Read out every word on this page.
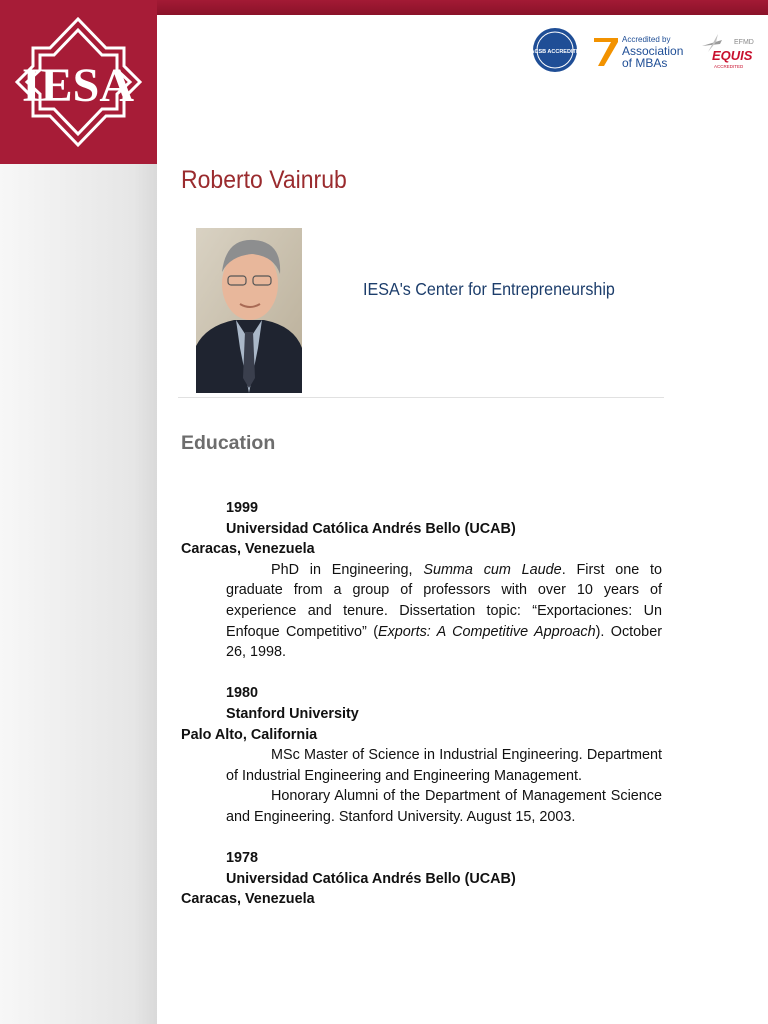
IESA
AACSB ACCREDITED
Accredited by
Association
of MBAs
EFMD
EQUIS
ACCREDITED
Roberto Vainrub
IESA's Center for Entrepreneurship
Education
1999
Universidad Católica Andrés Bello (UCAB)
Caracas, Venezuela
PhD in Engineering, Summa cum Laude. First one to graduate from a group of professors with over 10 years of experience and tenure. Dissertation topic: “Exportaciones: Un Enfoque Competitivo” (Exports: A Competitive Approach). October 26, 1998.
1980
Stanford University
Palo Alto, California
MSc Master of Science in Industrial Engineering. Department of Industrial Engineering and Engineering Management.
Honorary Alumni of the Department of Management Science and Engineering. Stanford University. August 15, 2003.
1978
Universidad Católica Andrés Bello (UCAB)
Caracas, Venezuela
